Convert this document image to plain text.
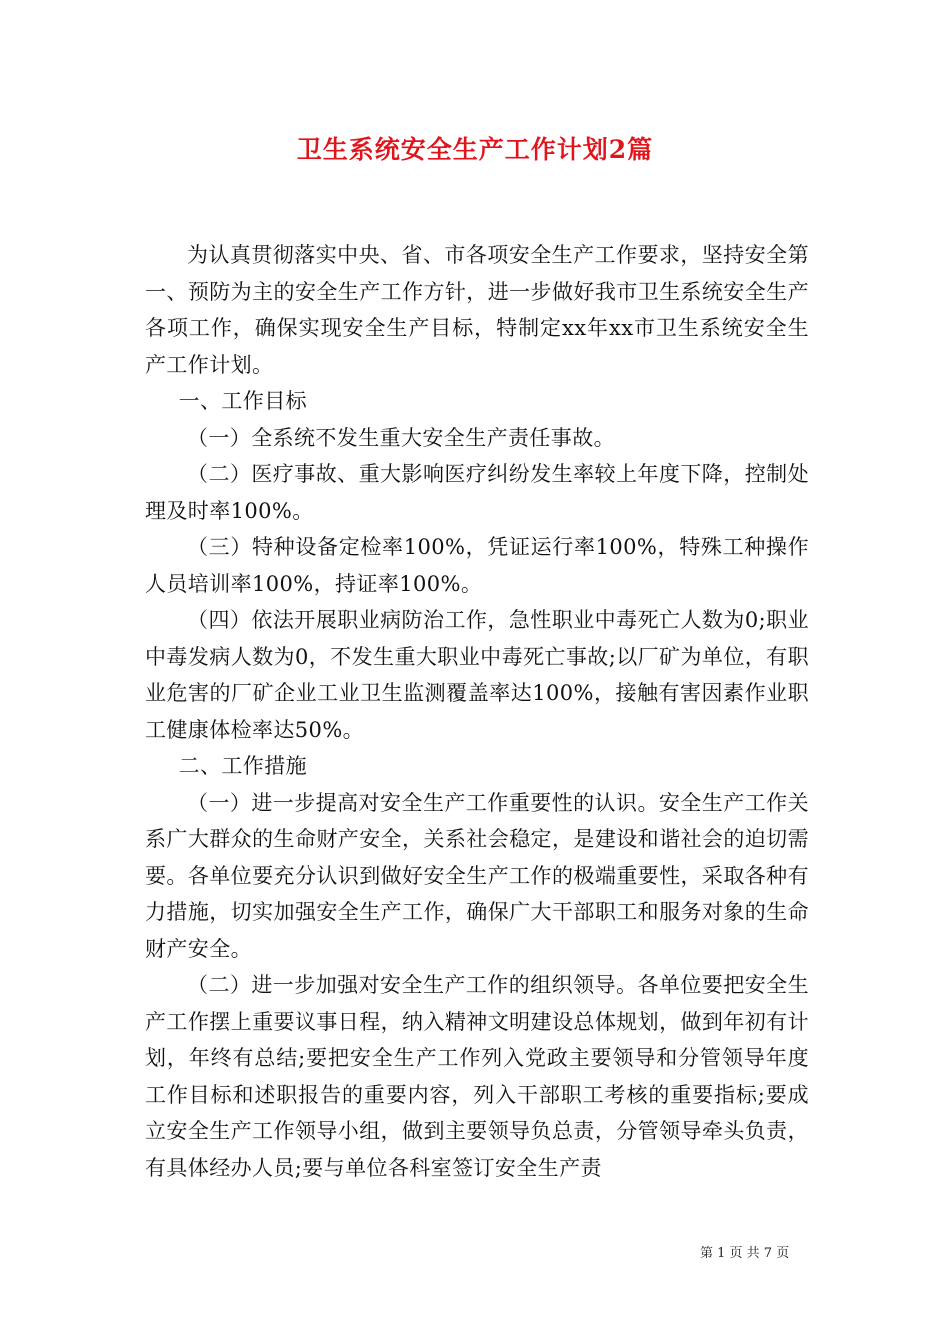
卫生系统安全生产工作计划2篇

为认真贯彻落实中央、省、市各项安全生产工作要求，坚持安全第一、预防为主的安全生产工作方针，进一步做好我市卫生系统安全生产各项工作，确保实现安全生产目标，特制定xx年xx市卫生系统安全生产工作计划。

一、工作目标

（一）全系统不发生重大安全生产责任事故。

（二）医疗事故、重大影响医疗纠纷发生率较上年度下降，控制处理及时率100%。

（三）特种设备定检率100%，凭证运行率100%，特殊工种操作人员培训率100%，持证率100%。

（四）依法开展职业病防治工作，急性职业中毒死亡人数为0;职业中毒发病人数为0，不发生重大职业中毒死亡事故;以厂矿为单位，有职业危害的厂矿企业工业卫生监测覆盖率达100%，接触有害因素作业职工健康体检率达50%。

二、工作措施

（一）进一步提高对安全生产工作重要性的认识。安全生产工作关系广大群众的生命财产安全，关系社会稳定，是建设和谐社会的迫切需要。各单位要充分认识到做好安全生产工作的极端重要性，采取各种有力措施，切实加强安全生产工作，确保广大干部职工和服务对象的生命财产安全。

（二）进一步加强对安全生产工作的组织领导。各单位要把安全生产工作摆上重要议事日程，纳入精神文明建设总体规划，做到年初有计划，年终有总结;要把安全生产工作列入党政主要领导和分管领导年度工作目标和述职报告的重要内容，列入干部职工考核的重要指标;要成立安全生产工作领导小组，做到主要领导负总责，分管领导牵头负责，有具体经办人员;要与单位各科室签订安全生产责

第 1 页 共 7 页
